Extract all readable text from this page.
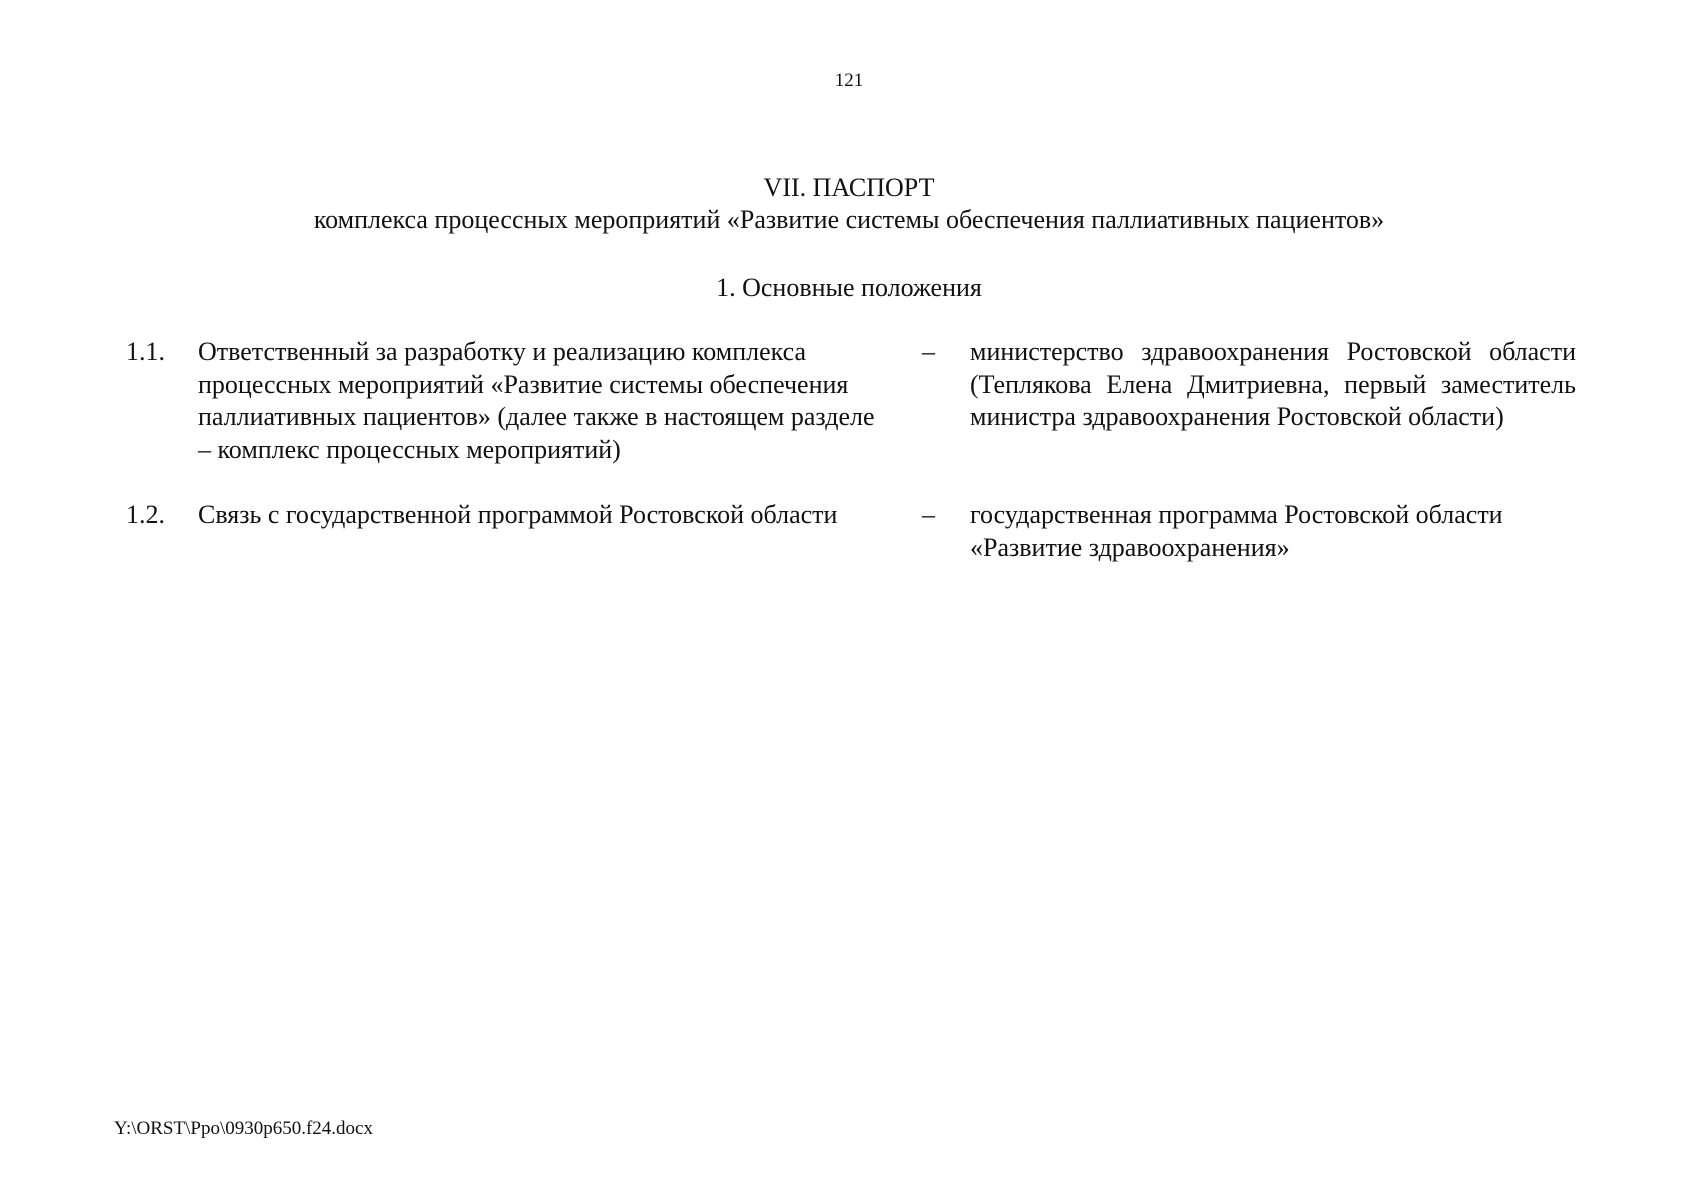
121
VII. ПАСПОРТ
комплекса процессных мероприятий «Развитие системы обеспечения паллиативных пациентов»
1. Основные положения
1.1. Ответственный за разработку и реализацию комплекса процессных мероприятий «Развитие системы обеспечения паллиативных пациентов» (далее также в настоящем разделе – комплекс процессных мероприятий)
– министерство здравоохранения Ростовской области (Теплякова Елена Дмитриевна, первый заместитель министра здравоохранения Ростовской области)
1.2. Связь с государственной программой Ростовской области	– государственная программа Ростовской области «Развитие здравоохранения»
Y:\ORST\Ppo\0930p650.f24.docx
